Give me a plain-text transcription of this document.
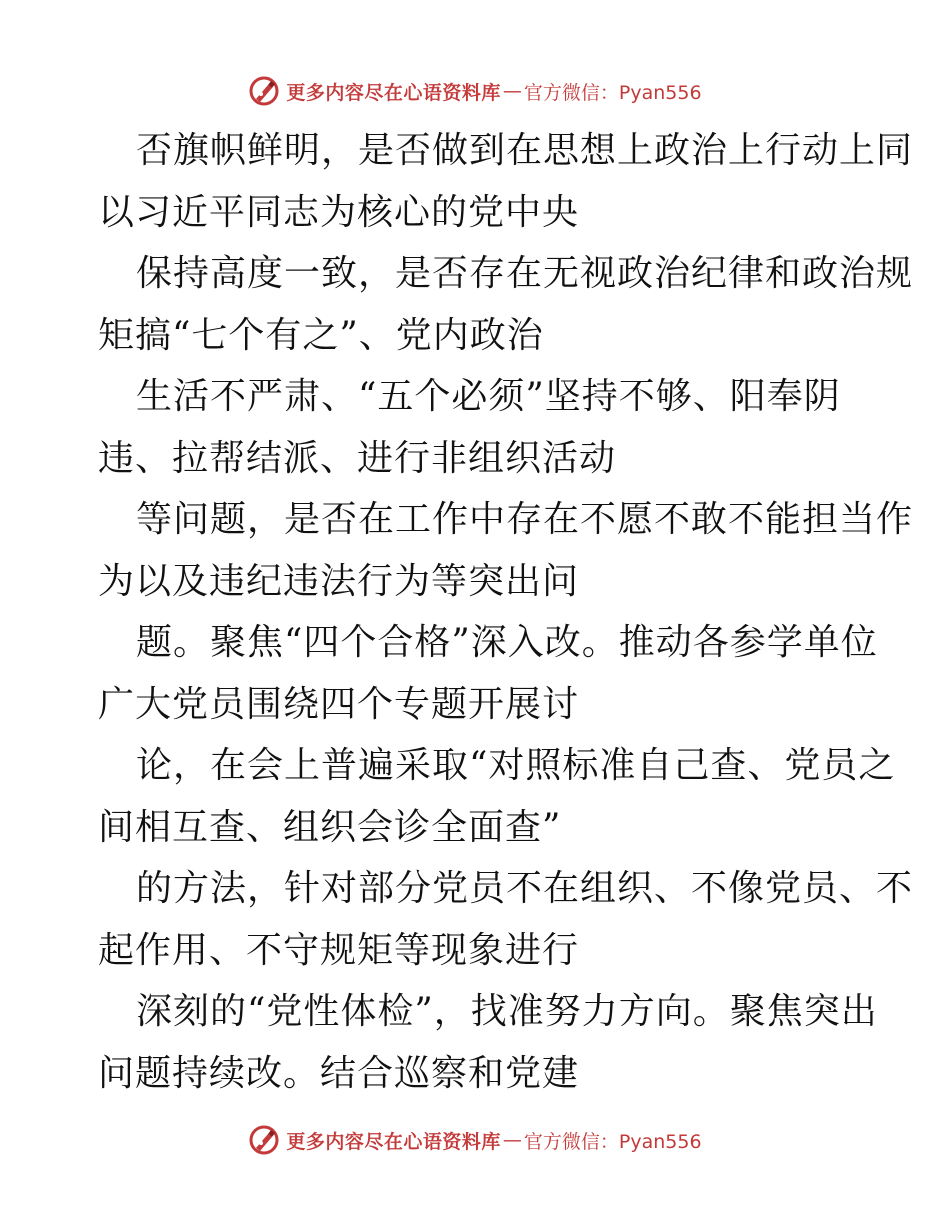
更多内容尽在心语资料库 — 官方微信：Pyan556
否旗帜鲜明，是否做到在思想上政治上行动上同
以习近平同志为核心的党中央
保持高度一致，是否存在无视政治纪律和政治规
矩搞“七个有之”、党内政治
生活不严肃、“五个必须”坚持不够、阳奉阴
违、拉帮结派、进行非组织活动
等问题，是否在工作中存在不愿不敢不能担当作
为以及违纪违法行为等突出问
题。聚焦“四个合格”深入改。推动各参学单位
广大党员围绕四个专题开展讨
论，在会上普遍采取“对照标准自己查、党员之
间相互查、组织会诊全面查”
的方法，针对部分党员不在组织、不像党员、不
起作用、不守规矩等现象进行
深刻的“党性体检”，找准努力方向。聚焦突出
问题持续改。结合巡察和党建
更多内容尽在心语资料库 — 官方微信：Pyan556
